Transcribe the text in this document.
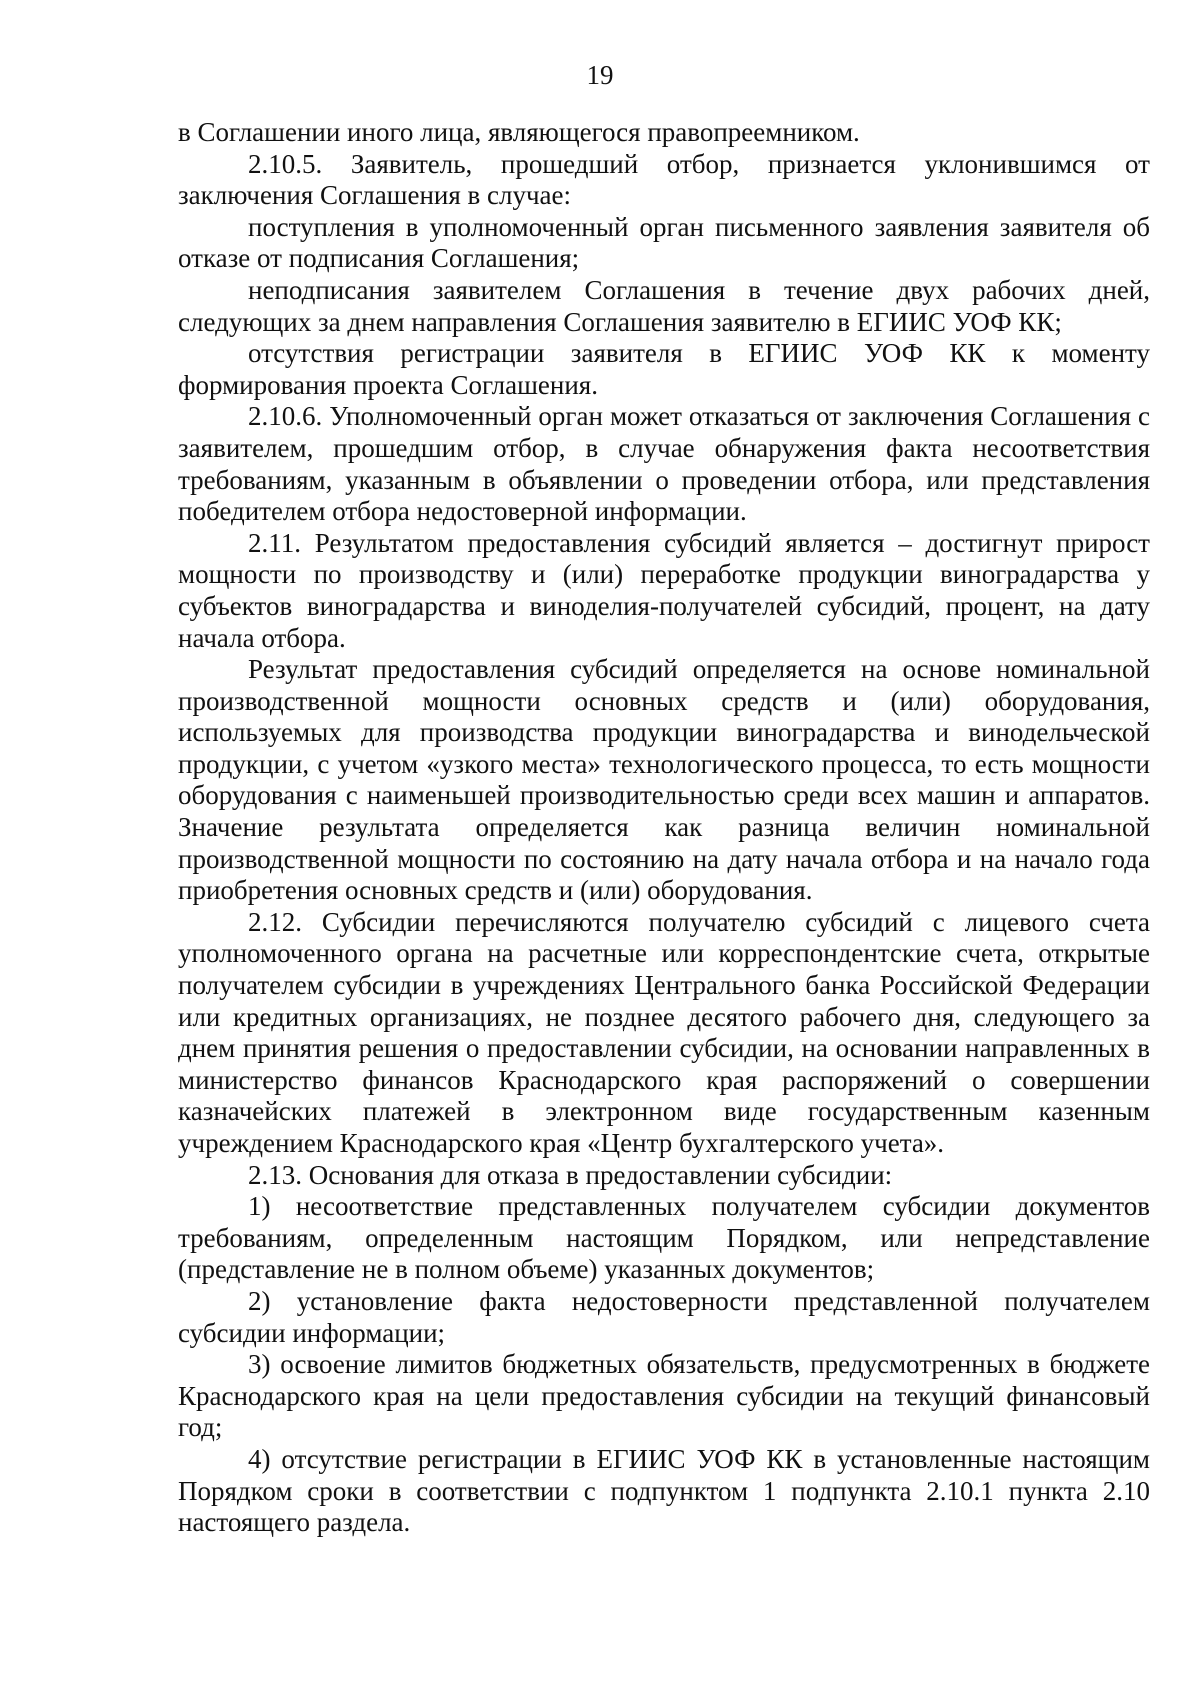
19

в Соглашении иного лица, являющегося правопреемником.

2.10.5. Заявитель, прошедший отбор, признается уклонившимся от заключения Соглашения в случае:

поступления в уполномоченный орган письменного заявления заявителя об отказе от подписания Соглашения;

неподписания заявителем Соглашения в течение двух рабочих дней, следующих за днем направления Соглашения заявителю в ЕГИИС УОФ КК;

отсутствия регистрации заявителя в ЕГИИС УОФ КК к моменту формирования проекта Соглашения.

2.10.6. Уполномоченный орган может отказаться от заключения Соглашения с заявителем, прошедшим отбор, в случае обнаружения факта несоответствия требованиям, указанным в объявлении о проведении отбора, или представления победителем отбора недостоверной информации.

2.11. Результатом предоставления субсидий является – достигнут прирост мощности по производству и (или) переработке продукции виноградарства у субъектов виноградарства и виноделия-получателей субсидий, процент, на дату начала отбора.

Результат предоставления субсидий определяется на основе номинальной производственной мощности основных средств и (или) оборудования, используемых для производства продукции виноградарства и винодельческой продукции, с учетом «узкого места» технологического процесса, то есть мощности оборудования с наименьшей производительностью среди всех машин и аппаратов. Значение результата определяется как разница величин номинальной производственной мощности по состоянию на дату начала отбора и на начало года приобретения основных средств и (или) оборудования.

2.12. Субсидии перечисляются получателю субсидий с лицевого счета уполномоченного органа на расчетные или корреспондентские счета, открытые получателем субсидии в учреждениях Центрального банка Российской Федерации или кредитных организациях, не позднее десятого рабочего дня, следующего за днем принятия решения о предоставлении субсидии, на основании направленных в министерство финансов Краснодарского края распоряжений о совершении казначейских платежей в электронном виде государственным казенным учреждением Краснодарского края «Центр бухгалтерского учета».

2.13. Основания для отказа в предоставлении субсидии:

1) несоответствие представленных получателем субсидии документов требованиям, определенным настоящим Порядком, или непредставление (представление не в полном объеме) указанных документов;

2) установление факта недостоверности представленной получателем субсидии информации;

3) освоение лимитов бюджетных обязательств, предусмотренных в бюджете Краснодарского края на цели предоставления субсидии на текущий финансовый год;

4) отсутствие регистрации в ЕГИИС УОФ КК в установленные настоящим Порядком сроки в соответствии с подпунктом 1 подпункта 2.10.1 пункта 2.10 настоящего раздела.
